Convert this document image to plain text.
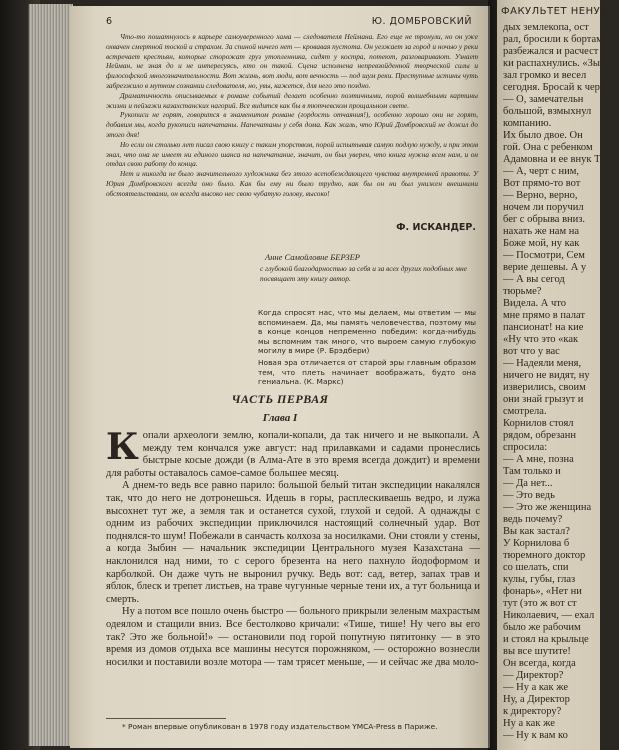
6	Ю. ДОМБРОВСКИЙ

Что-то пошатнулось в карьере самоуверенного хама — следователя Неймана. Его еще не тронули, но он уже охвачен смертной тоской и страхом. За спиной ничего нет — кровавая пустота. Он уезжает за город и ночью у реки встречает крестьян, которые сторожат груз утопленника, сидят у костра, потеют, разговаривают. Узнает Нейман, не зная до и не интересуясь, кто он такой. Сцена исполнена непревзойденной творческой силы и философской многозначительности. Вот жизнь, вот люди, вот вечность — под шум реки. Преступные истины чуть забрезжило в мутном сознании следователя, но, увы, кажется, для него это поздно.

Драматичность описываемых в романе событий делает особенно поэтичными, порой волшебными картины жизни и пейзажи казахстанских нагорий. Все видится как бы в тютчевском прощальном свете.

Рукописи не горят, говорится в знаменитом романе (гордость отчаяния!), особенно хорошо они не горят, добавим мы, когда рукописи напечатаны. Напечатаны у себя дома. Как жаль, что Юрий Домбровский не дожил до этого дня!

Но если он столько лет писал свою книгу с таким упорством, порой испытывая самую подлую нужду, и при этом знал, что она не имеет ни единого шанса на напечатание, значит, он был уверен, что книга нужна всем нам, и он отдал свою работу до конца.

Нет и никогда не было значительного художника без этого всепобеждающего чувства внутренней правоты. У Юрия Домбровского всегда оно было. Как бы ему ни было трудно, как бы он ни был унижен внешними обстоятельствами, он всегда высоко нес свою чубатую голову, высоко!

Ф. ИСКАНДЕР.
Анне Самойловне БЕРЗЕР
с глубокой благодарностью за себя и за всех других подобных мне посвящает эту книгу автор.
Когда спросят нас, что мы делаем, мы ответим — мы вспоминаем. Да, мы память человечества, поэтому мы в конце концов непременно победим: когда-нибудь мы вспомним так много, что выроем самую глубокую могилу в мире (Р. Брэдбери)
Новая эра отличается от старой эры главным образом тем, что плеть начинает воображать, будто она гениальна. (К. Маркс)
ЧАСТЬ ПЕРВАЯ
Глава I

Копали археологи землю, копали-копали, да так ничего и не выкопали. А между тем кончался уже август: над прилавками и садами пронеслись быстрые косые дожди (в Алма-Ате в это время всегда дождит) и времени для работы оставалось самое-самое большее месяц.

А днем-то ведь все равно парило: большой белый титан экспедиции накалялся так, что до него не дотронешься. Идешь в горы, расплескиваешь ведро, и лужа высохнет тут же, а земля так и останется сухой, глухой и седой. А однажды с одним из рабочих экспедиции приключился настоящий солнечный удар. Вот поднялся-то шум! Побежали в санчасть колхоза за носилками. Они стояли у стены, а когда Зыбин — начальник экспедиции Центрального музея Казахстана — наклонился над ними, то с серого брезента на него пахнуло йодоформом и карболкой. Он даже чуть не выронил ручку. Ведь вот: сад, ветер, запах трав и яблок, блеск и трепет листьев, на траве чугунные черные тени их, а тут больница и смерть.

Ну а потом все пошло очень быстро — больного прикрыли зеленым махрастым одеялом и стащили вниз. Все бестолково кричали: «Тише, тише! Ну чего вы его так? Это же больной!» — остановили под горой попутную пятитонку — в это время из домов отдыха все машины несутся порожняком, — осторожно вознесли носилки и поставили возле мотора — там трясет меньше, — и сейчас же два моло-

* Роман впервые опубликован в 1978 году издательством YMCA-Press в Париже.
ФАКУЛЬТЕТ НЕНУЖН
дых землекопа, ост
рал, бросили к бортам
разбежался и расчест
ки распахнулись. «Зы
зал громко и весел
сегодня. Бросай к чер
— О, замечательн
большой, взмыхнул
компанию.
Их было двое. Он
гой. Она с ребенком
Адамовна и ее внук Т
— А, черт с ним,
Вот прямо-то вот
— Верно, верно,
ночем ли поручил
бег с обрыва вниз.
нахать же нам на
Боже мой, ну как
— Посмотри, Сем
верие дешевы. А у
— А вы сегод
тюрьме?
Видела. А что
мне прямо в палат
пансионат! на кие
«Ну что это «как
вот что у вас
— Надеяли меня,
ничего не видят, ну
изверились, своим
они знай грызут и
смотрела.
Корнилов стоял
рядом, обрезанн
спросила:
— А мне, позна
Там только и
— Да нет...
— Это ведь
— Это же женщина
ведь почему?
Вы как застал?
У Корнилова б
тюремного доктор
со шелать, спи
кулы, губы, глаз
фонарь», «Нет ни
тут (это ж вот ст
Николаевич, — ехал
было же рабочим
и стоял на крыльце
вы все шутите!
Он всегда, когда
— Директор?
— Ну а как же
Ну, а Директор
к директору?
Ну а как же
— Ну к вам ко
